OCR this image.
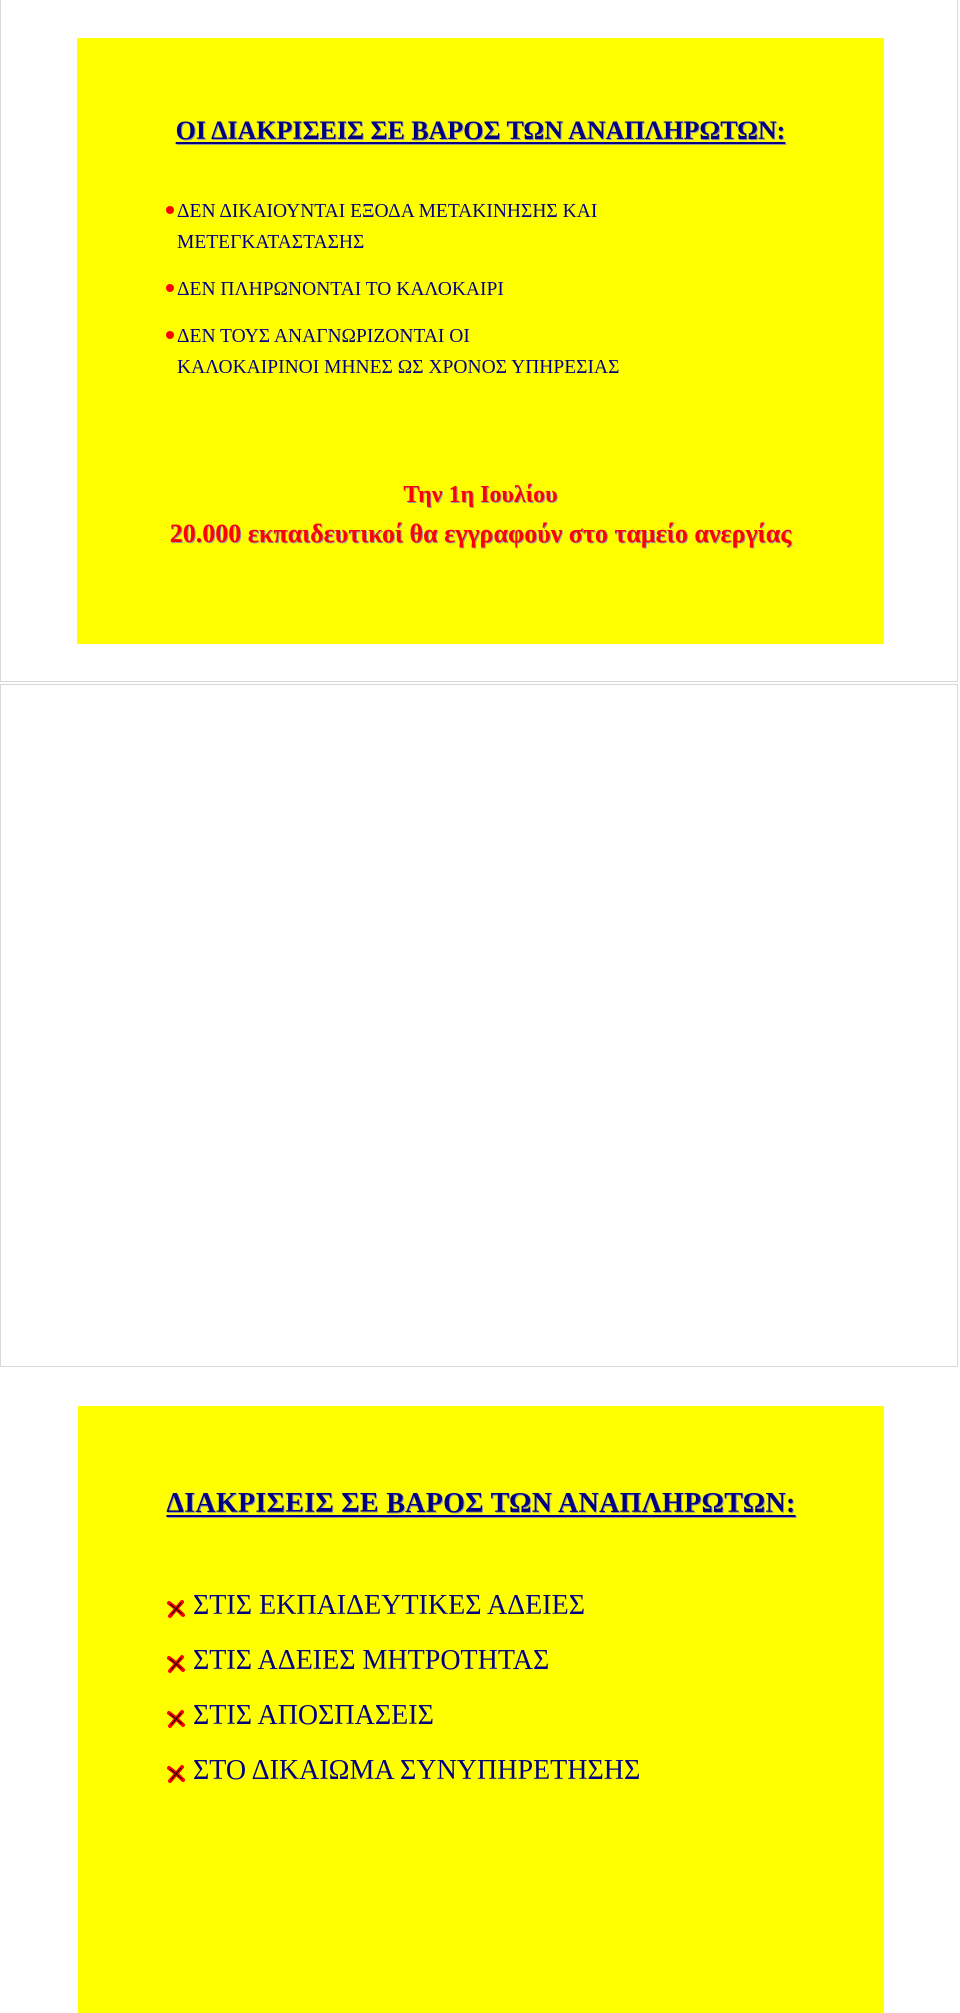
ΟΙ ΔΙΑΚΡΙΣΕΙΣ ΣΕ ΒΑΡΟΣ ΤΩΝ ΑΝΑΠΛΗΡΩΤΩΝ:
ΔΕΝ ΔΙΚΑΙΟΥΝΤΑΙ ΕΞΟΔΑ ΜΕΤΑΚΙΝΗΣΗΣ ΚΑΙ
ΜΕΤΕΓΚΑΤΑΣΤΑΣΗΣ
ΔΕΝ ΠΛΗΡΩΝΟΝΤΑΙ ΤΟ ΚΑΛΟΚΑΙΡΙ
ΔΕΝ ΤΟΥΣ ΑΝΑΓΝΩΡΙΖΟΝΤΑΙ ΟΙ
ΚΑΛΟΚΑΙΡΙΝΟΙ ΜΗΝΕΣ ΩΣ ΧΡΟΝΟΣ ΥΠΗΡΕΣΙΑΣ

Την 1η Ιουλίου

20.000 εκπαιδευτικοί θα εγγραφούν στο ταμείο ανεργίας

ΔΙΑΚΡΙΣΕΙΣ ΣΕ ΒΑΡΟΣ ΤΩΝ ΑΝΑΠΛΗΡΩΤΩΝ:
ΣΤΙΣ ΕΚΠΑΙΔΕΥΤΙΚΕΣ ΑΔΕΙΕΣ
ΣΤΙΣ ΑΔΕΙΕΣ ΜΗΤΡΟΤΗΤΑΣ
ΣΤΙΣ ΑΠΟΣΠΑΣΕΙΣ
ΣΤΟ ΔΙΚΑΙΩΜΑ ΣΥΝΥΠΗΡΕΤΗΣΗΣ
